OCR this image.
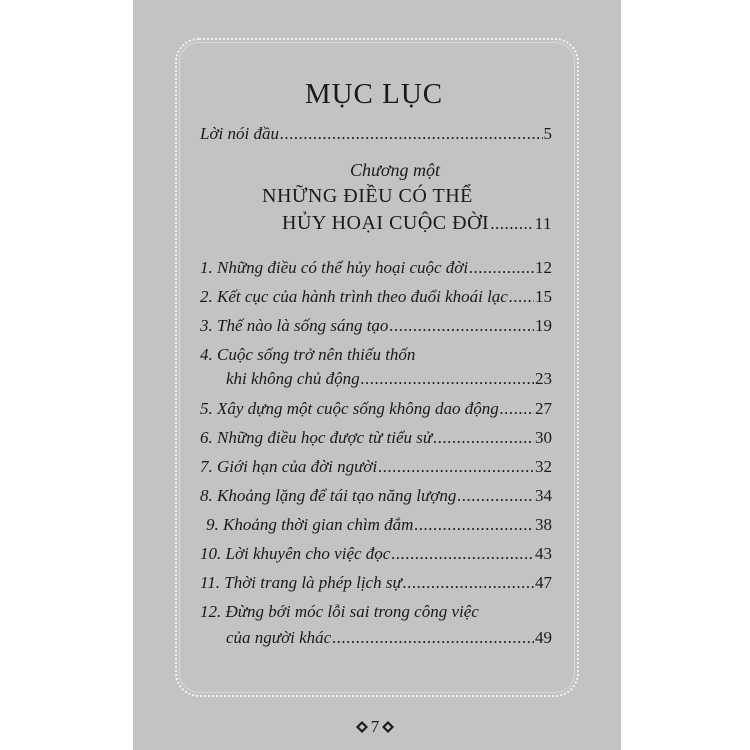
MỤC LỤC
Lời nói đầu .....	5
Chương một
NHỮNG ĐIỀU CÓ THỂ
HỦY HOẠI CUỘC ĐỜI .....	11
1. Những điều có thể hủy hoại cuộc đời .....	12
2. Kết cục của hành trình theo đuổi khoái lạc ..... 15
3. Thế nào là sống sáng tạo .....	19
4. Cuộc sống trở nên thiếu thốn
khi không chủ động .....	23
5. Xây dựng một cuộc sống không dao động ..... 27
6. Những điều học được từ tiểu sử .....	30
7. Giới hạn của đời người .....	32
8. Khoảng lặng để tái tạo năng lượng .....	34
9. Khoảng thời gian chìm đắm .....	38
10. Lời khuyên cho việc đọc .....	43
11. Thời trang là phép lịch sự .....	47
12. Đừng bới móc lỗi sai trong công việc
của người khác .....	49
7
